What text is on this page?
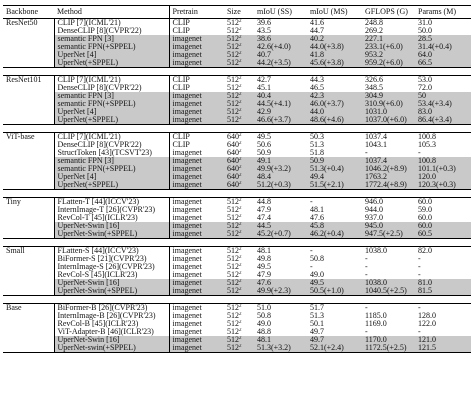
Backbone	Method	Pretrain	Size	mIoU (SS)	mIoU (MS)	GFLOPS (G)	Params (M)
ResNet50	CLIP [7](ICML'21)	CLIP	$512^2$	39.6	41.6	248.8	31.0
	DenseCLIP [8](CVPR'22)	CLIP	$512^2$	43.5	44.7	269.2	50.0
	semantic FPN [3]	imagenet	$512^2$	38.6	40.2	227.1	28.5
	semantic FPN(+SPPEL)	imagenet	$512^2$	42.6(+4.0)	44.0(+3.8)	233.1(+6.0)	31.4(+0.4)
	UperNet [4]	imagenet	$512^2$	40.7	41.8	953.2	64.0
	UperNet(+SPPEL)	imagenet	$512^2$	44.2(+3.5)	45.6(+3.8)	959.2(+6.0)	66.5

ResNet101	CLIP [7](ICML'21)	CLIP	$512^2$	42.7	44.3	326.6	53.0
	DenseCLIP [8](CVPR'22)	CLIP	$512^2$	45.1	46.5	348.5	72.0
	semantic FPN [3]	imagenet	$512^2$	40.4	42.3	304.9	50
	semantic FPN(+SPPEL)	imagenet	$512^2$	44.5(+4.1)	46.0(+3.7)	310.9(+6.0)	53.4(+3.4)
	UperNet [4]	imagenet	$512^2$	42.9	44.0	1031.0	83.0
	UperNet(+SPPEL)	imagenet	$512^2$	46.6(+3.7)	48.6(+4.6)	1037.0(+6.0)	86.4(+3.4)

ViT-base	CLIP [7](ICML'21)	CLIP	$640^2$	49.5	50.3	1037.4	100.8
	DenseCLIP [8](CVPR'22)	CLIP	$640^2$	50.6	51.3	1043.1	105.3
	StructToken [43](TCSVT'23)	imagenet	$640^2$	50.9	51.8	-	-
	semantic FPN [3]	imagenet	$640^2$	49.1	50.9	1037.4	100.8
	semantic FPN(+SPPEL)	imagenet	$640^2$	49.9(+3.2)	51.3(+0.4)	1046.2(+8.9)	101.1(+0.3)
	UperNet [4]	imagenet	$640^2$	48.4	49.4	1763.2	120.0
	UperNet(+SPPEL)	imagenet	$640^2$	51.2(+0.3)	51.5(+2.1)	1772.4(+8.9)	120.3(+0.3)

Tiny	FLatten-T [44](ICCV'23)	imagenet	$512^2$	44.8	-	946.0	60.0
	InternImage-T [26](CVPR'23)	imagenet	$512^2$	47.9	48.1	944.0	59.0
	RevCol-T [45](ICLR'23)	imagenet	$512^2$	47.4	47.6	937.0	60.0
	UperNet-Swin [16]	imagenet	$512^2$	44.5	45.8	945.0	60.0
	UperNet-Swin(+SPPEL)	imagenet	$512^2$	45.2(+0.7)	46.2(+0.4)	947.5(+2.5)	60.5

Small	FLatten-S [44](ICCV'23)	imagenet	$512^2$	48.1	-	1038.0	82.0
	BiFormer-S [21](CVPR'23)	imagenet	$512^2$	49.8	50.8	-	-
	InternImage-S [26](CVPR'23)	imagenet	$512^2$	49.5	-	-	-
	RevCol-S [45](ICLR'23)	imagenet	$512^2$	47.9	49.0	-	-
	UperNet-Swin [16]	imagenet	$512^2$	47.6	49.5	1038.0	81.0
	UperNet-Swin(+SPPEL)	imagenet	$512^2$	49.9(+2.3)	50.5(+1.0)	1040.5(+2.5)	81.5

Base	BiFormer-B [26](CVPR'23)	imagenet	$512^2$	51.0	51.7	-	-
	InternImage-B [26](CVPR'23)	imagenet	$512^2$	50.8	51.3	1185.0	128.0
	RevCol-B [45](ICLR'23)	imagenet	$512^2$	49.0	50.1	1169.0	122.0
	ViT-Adapter-B [46](ICLR'23)	imagenet	$512^2$	48.8	49.7	-	-
	UperNet-Swin [16]	imagenet	$512^2$	48.1	49.7	1170.0	121.0
	UperNet-swin(+SPPEL)	imagenet	$512^2$	51.3(+3.2)	52.1(+2.4)	1172.5(+2.5)	121.5
